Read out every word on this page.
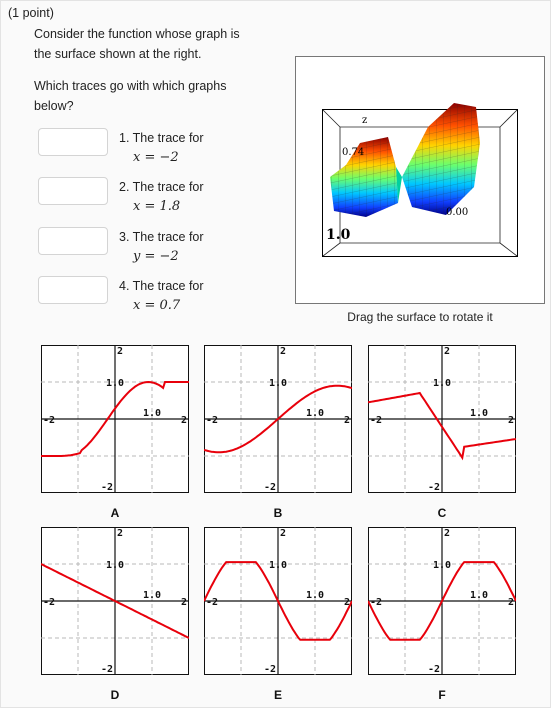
(1 point)
Consider the function whose graph is
the surface shown at the right.
Which traces go with which graphs
below?
1. The trace for
x = −2
2. The trace for
x = 1.8
3. The trace for
y = −2
4. The trace for
x = 0.7
z
0.74
0.00
1.0
Drag the surface to rotate it
-2	2
2
-2
1.0
1.0
A
-2	2
2
-2
1.0
1.0
B
-2	2
2
-2
1.0
1.0
C
-2	2
2
-2
1.0
1.0
D
-2	2
2
-2
1.0
1.0
E
-2	2
2
-2
1.0
1.0
F
